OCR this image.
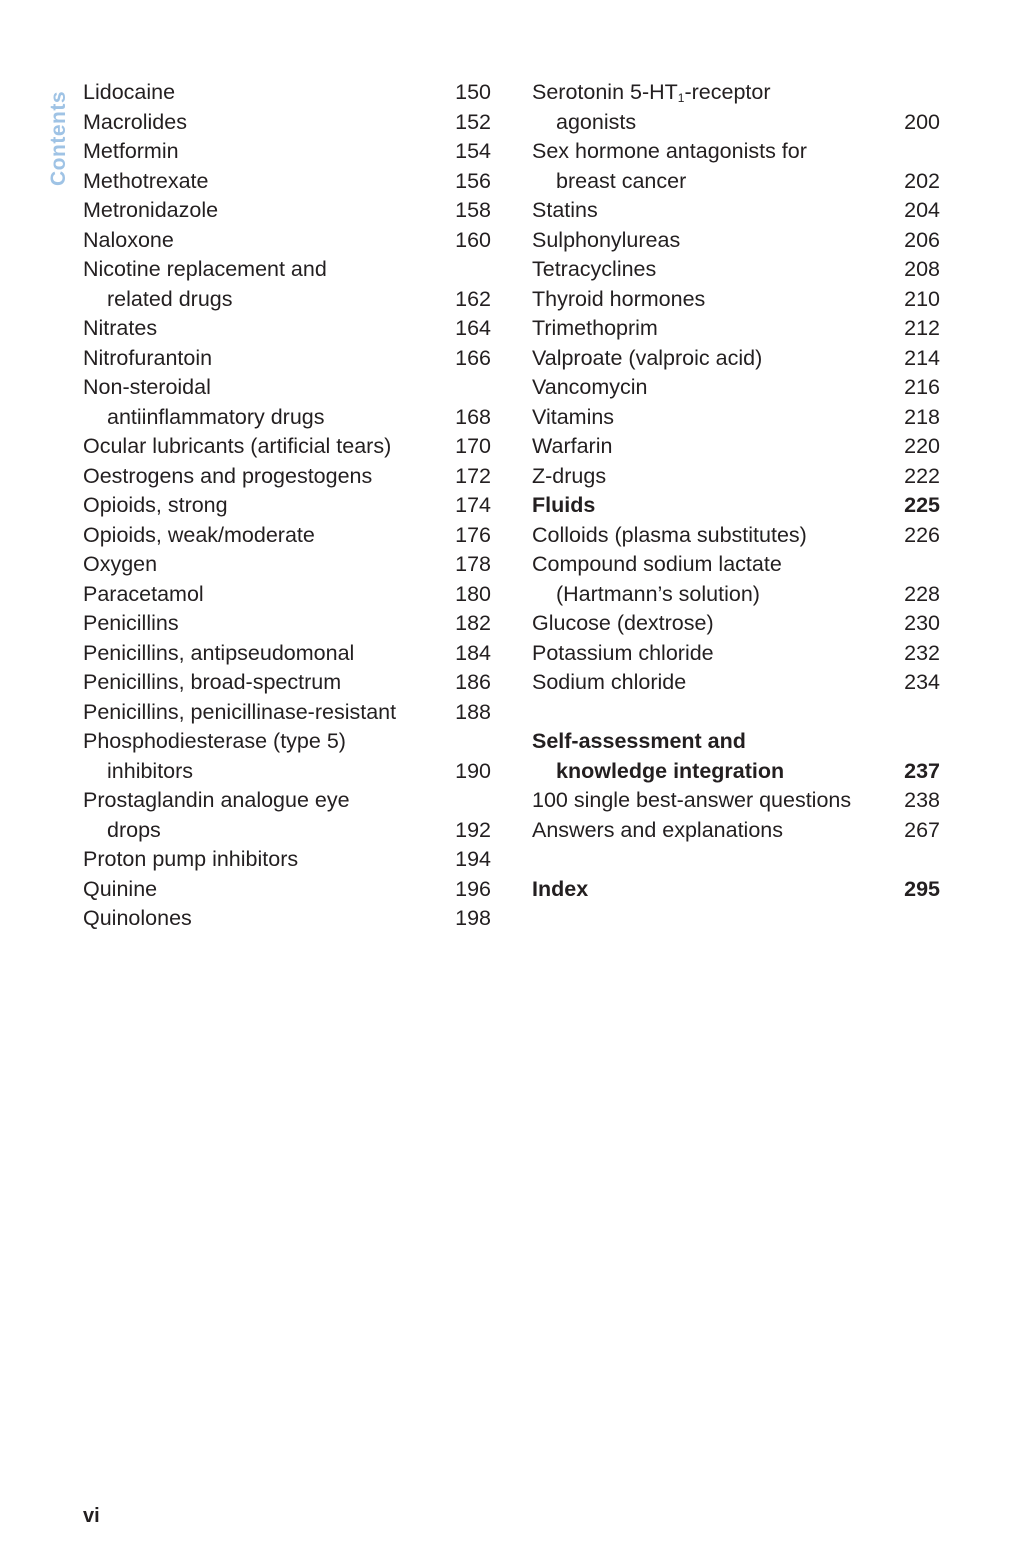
Contents Lidocaine	150
Macrolides	152
Metformin	154
Methotrexate	156
Metronidazole	158
Naloxone	160
Nicotine replacement and
related drugs	162
Nitrates	164
Nitrofurantoin	166
Non-steroidal
antiinflammatory drugs	168
Ocular lubricants (artificial tears)	170
Oestrogens and progestogens	172
Opioids, strong	174
Opioids, weak/moderate	176
Oxygen	178
Paracetamol	180
Penicillins	182
Penicillins, antipseudomonal	184
Penicillins, broad-spectrum	186
Penicillins, penicillinase-resistant	188
Phosphodiesterase (type 5)
inhibitors	190
Prostaglandin analogue eye
drops	192
Proton pump inhibitors	194
Quinine	196
Quinolones	198
Serotonin $5-HT_1$-receptor
agonists	200
Sex hormone antagonists for
breast cancer	202
Statins	204
Sulphonylureas	206
Tetracyclines	208
Thyroid hormones	210
Trimethoprim	212
Valproate (valproic acid)	214
Vancomycin	216
Vitamins	218
Warfarin	220
Z-drugs	222
Fluids	225
Colloids (plasma substitutes)	226
Compound sodium lactate
(Hartmann’s solution)	228
Glucose (dextrose)	230
Potassium chloride	232
Sodium chloride	234
Self-assessment and
knowledge integration	237
100 single best-answer questions	238
Answers and explanations	267
Index	295
vi
